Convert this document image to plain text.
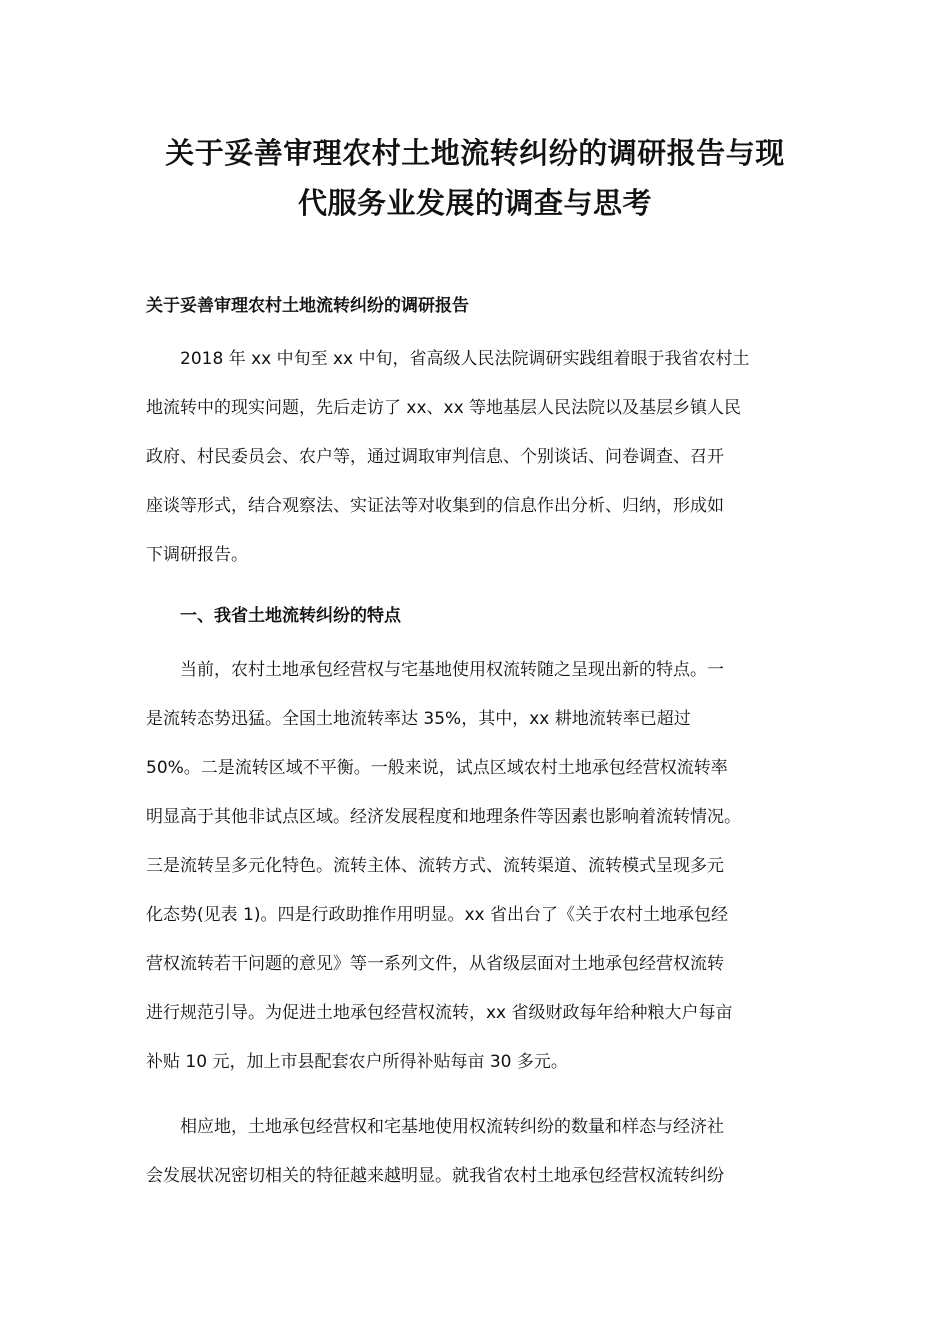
关于妥善审理农村土地流转纠纷的调研报告与现
代服务业发展的调查与思考
关于妥善审理农村土地流转纠纷的调研报告
2018 年 xx 中旬至 xx 中旬，省高级人民法院调研实践组着眼于我省农村土
地流转中的现实问题，先后走访了 xx、xx 等地基层人民法院以及基层乡镇人民
政府、村民委员会、农户等，通过调取审判信息、个别谈话、问卷调查、召开
座谈等形式，结合观察法、实证法等对收集到的信息作出分析、归纳，形成如
下调研报告。
一、我省土地流转纠纷的特点
当前，农村土地承包经营权与宅基地使用权流转随之呈现出新的特点。一
是流转态势迅猛。全国土地流转率达 35%，其中，xx 耕地流转率已超过
50%。二是流转区域不平衡。一般来说，试点区域农村土地承包经营权流转率
明显高于其他非试点区域。经济发展程度和地理条件等因素也影响着流转情况。
三是流转呈多元化特色。流转主体、流转方式、流转渠道、流转模式呈现多元
化态势(见表 1)。四是行政助推作用明显。xx 省出台了《关于农村土地承包经
营权流转若干问题的意见》等一系列文件，从省级层面对土地承包经营权流转
进行规范引导。为促进土地承包经营权流转，xx 省级财政每年给种粮大户每亩
补贴 10 元，加上市县配套农户所得补贴每亩 30 多元。
相应地，土地承包经营权和宅基地使用权流转纠纷的数量和样态与经济社
会发展状况密切相关的特征越来越明显。就我省农村土地承包经营权流转纠纷
